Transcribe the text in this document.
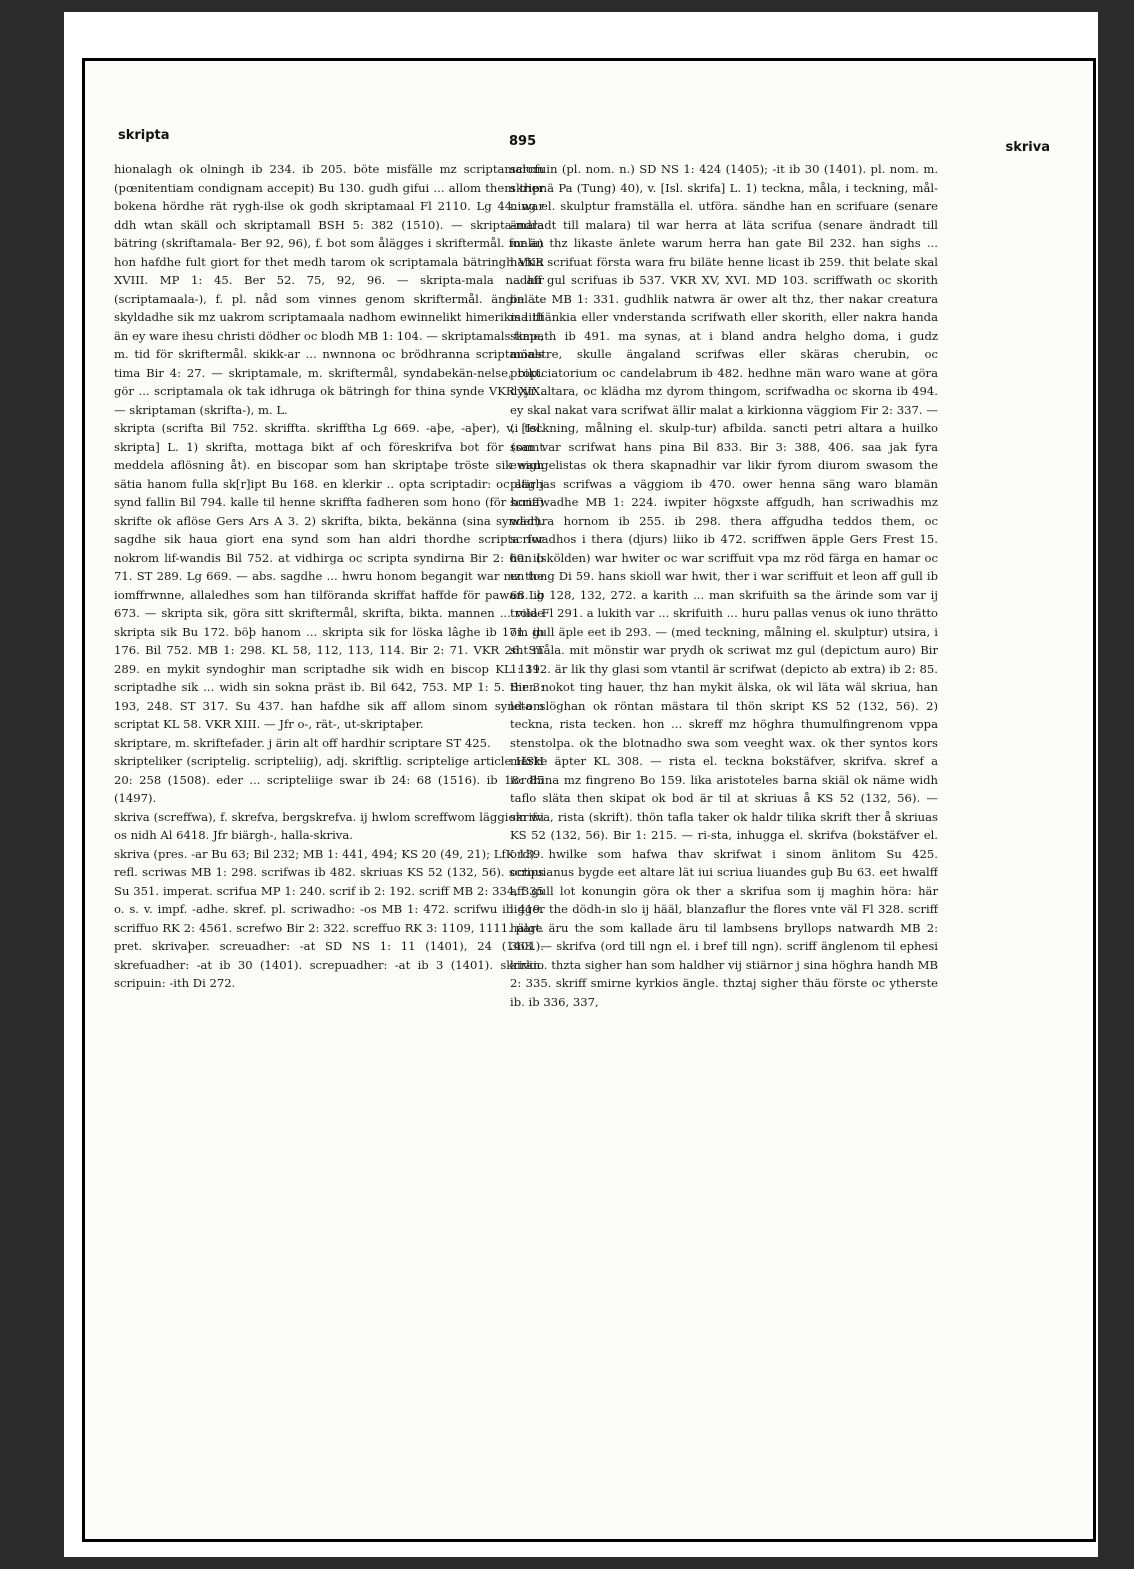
skripta	895	skriva

hionalagh ok olningh ib 234. ib 205. böte misfälle mz scriptamalom (pœnitentiam condignam accepit) Bu 130. gudh gifui ... allom them ther bokena hördhe rät rygh-ilse ok godh skriptamaal Fl 2110. Lg 44. war ddh wtan skäll och skriptamall BSH 5: 382 (1510). — skripta-mala bätring (skriftamala- Ber 92, 96), f. bot som ålägges i skriftermål. for än hon hafdhe fult giort for thet medh tarom ok scriptamala bätringh VKR XVIII. MP 1: 45. Ber 52. 75, 92, 96. — skripta-mala nadhir (scriptamaala-), f. pl. nåd som vinnes genom skriftermål. ängin ... skyldadhe sik mz uakrom scriptamaala nadhom ewinnelikt himerikis liiff än ey ware ihesu christi dödher oc blodh MB 1: 104. — skriptamals time, m. tid för skriftermål. skikk-ar ... nwnnona oc brödhranna scriptamals tima Bir 4: 27. — skriptamale, m. skriftermål, syndabekän-nelse, bikt. gör ... scriptamala ok tak idhruga ok bätringh for thina synde VKR XIX. — skriptaman (skrifta-), m. L.

skripta (scrifta Bil 752. skriffta. skrifftha Lg 669. -aþe, -aþer), v. [Isl. skripta] L. 1) skrifta, mottaga bikt af och föreskrifva bot för (samt meddela aflösning åt). en biscopar som han skriptaþe tröste sik eigh sätia hanom fulla sk[r]ipt Bu 168. en klerkir .. opta scriptadir: oc atir j synd fallin Bil 794. kalle til henne skriffta fadheren som hono (för hona) skrifte ok aflöse Gers Ars A 3. 2) skrifta, bikta, bekänna (sina synder). sagdhe sik haua giort ena synd som han aldri thordhe scripta for nokrom lif-wandis Bil 752. at vidhirga oc scripta syndirna Bir 2: 60. ib 71. ST 289. Lg 669. — abs. sagdhe ... hwru honom begangit war mz the iomffrwnne, allaledhes som han tilföranda skriffat haffde för pawan Lg 673. — skripta sik, göra sitt skriftermål, skrifta, bikta. mannen ... vilde skripta sik Bu 172. böþ hanom ... skripta sik for löska lâghe ib 171. ib 176. Bil 752. MB 1: 298. KL 58, 112, 113, 114. Bir 2: 71. VKR 26. ST 289. en mykit syndoghir man scriptadhe sik widh en biscop KL 111. scriptadhe sik ... widh sin sokna präst ib. Bil 642, 753. MP 1: 5. Bir 3: 193, 248. ST 317. Su 437. han hafdhe sik aff allom sinom synd-om scriptat KL 58. VKR XIII. — Jfr o-, rät-, ut-skriptaþer.

skriptare, m. skriftefader. j ärin alt off hardhir scriptare ST 425.

skripteliker (scriptelig. scripteliig), adj. skriftlig. scriptelige article HSH 20: 258 (1508). eder ... scripteliige swar ib 24: 68 (1516). ib 18: 85 (1497).

skriva (screffwa), f. skrefva, bergskrefva. ij hwlom screffwom läggiom wi os nidh Al 6418. Jfr biärgh-, halla-skriva.

skriva (pres. -ar Bu 63; Bil 232; MB 1: 441, 494; KS 20 (49, 21); LfK 139. refl. scriwas MB 1: 298. scrifwas ib 482. skriuas KS 52 (132, 56). scrips Su 351. imperat. scrifua MP 1: 240. scrif ib 2: 192. scriff MB 2: 334, 335 o. s. v. impf. -adhe. skref. pl. scriwadho: -os MB 1: 472. scrifwu ib 419. scriffuo RK 2: 4561. screfwo Bir 2: 322. screffuo RK 3: 1109, 1111. part. pret. skrivaþer. screuadher: -at SD NS 1: 11 (1401), 24 (1401). skrefuadher: -at ib 30 (1401). screpuadher: -at ib 3 (1401). skrivin. scripuin: -ith Di 272.

scrcfuin (pl. nom. n.) SD NS 1: 424 (1405); -it ib 30 (1401). pl. nom. m. skripnä Pa (Tung) 40), v. [Isl. skrifa] L. 1) teckna, måla, i teckning, mål-ning el. skulptur framställa el. utföra. sändhe han en scrifuare (senare ändradt till malara) til war herra at läta scrifua (senare ändradt till mala) thz likaste änlete warum herra han gate Bil 232. han sighs ... hafua scrifuat första wara fru biläte henne licast ib 259. thit belate skal ... aff gul scrifuas ib 537. VKR XV, XVI. MD 103. scriffwath oc skorith beläte MB 1: 331. gudhlik natwra är ower alt thz, ther nakar creatura ma thänkia eller vnderstanda scrifwath eller skorith, eller nakra handa skapath ib 491. ma synas, at i bland andra helgho doma, i gudz mönstre, skulle ängaland scrifwas eller skäras cherubin, oc propiciatorium oc candelabrum ib 482. hedhne män waro wane at göra dyyr altara, oc klädha mz dyrom thingom, scrifwadha oc skorna ib 494. ey skal nakat vara scrifwat ällir malat a kirkionna väggiom Fir 2: 337. — (i teckning, målning el. skulp-tur) afbilda. sancti petri altara a huilko som var scrifwat hans pina Bil 833. Bir 3: 388, 406. saa jak fyra ewangelistas ok thera skapnadhir var likir fyrom diurom swasom the pläghas scrifwas a väggiom ib 470. ower henna säng waro blamän scriffwadhe MB 1: 224. iwpiter högxste affgudh, han scriwadhis mz wädhra hornom ib 255. ib 298. thera affgudha teddos them, oc scriwadhos i thera (djurs) liiko ib 472. scriffwen äpple Gers Frest 15. han (skölden) war hwiter oc war scriffuit vpa mz röd färga en hamar oc en tong Di 59. hans skioll war hwit, ther i war scriffuit et leon aff gull ib 68. ib 128, 132, 272. a karith ... man skrifuith sa the ärinde som var ij troia Fl 291. a lukith var ... skrifuith ... huru pallas venus ok iuno thrätto om gull äple eet ib 293. — (med teckning, målning el. skulptur) utsira, i sht måla. mit mönstir war prydh ok scriwat mz gul (depictum auro) Bir 1: 392. är lik thy glasi som vtantil är scrifwat (depicto ab extra) ib 2: 85. then nokot ting hauer, thz han mykit älska, ok wil läta wäl skriua, han leta slöghan ok röntan mästara til thön skript KS 52 (132, 56). 2) teckna, rista tecken. hon ... skreff mz höghra thumulfingrenom vppa stenstolpa. ok the blotnadho swa som veeght wax. ok ther syntos kors märke äpter KL 308. — rista el. teckna bokstäfver, skrifva. skref a iordhina mz fingreno Bo 159. lika aristoteles barna skiäl ok näme widh taflo släta then skipat ok bod är til at skriuas å KS 52 (132, 56). — skrifva, rista (skrift). thön tafla taker ok haldr tilika skrift ther å skriuas KS 52 (132, 56). Bir 1: 215. — ri-sta, inhugga el. skrifva (bokstäfver el. ord). hwilke som hafwa thav skrifwat i sinom änlitom Su 425. octouianus bygde eet altare lät iui scriua liuandes guþ Bu 63. eet hwalff aff gull lot konungin göra ok ther a skrifua som ij maghin höra: här ligger the dödh-in slo ij hääl, blanzaflur the flores vnte väl Fl 328. scriff hälge äru the som kallade äru til lambsens bryllops natwardh MB 2: 363. — skrifva (ord till ngn el. i bref till ngn). scriff änglenom til ephesi kirkio. thzta sigher han som haldher vij stiärnor j sina höghra handh MB 2: 335. skriff smirne kyrkios ängle. thztaj sigher thäu förste oc ytherste ib. ib 336, 337,
